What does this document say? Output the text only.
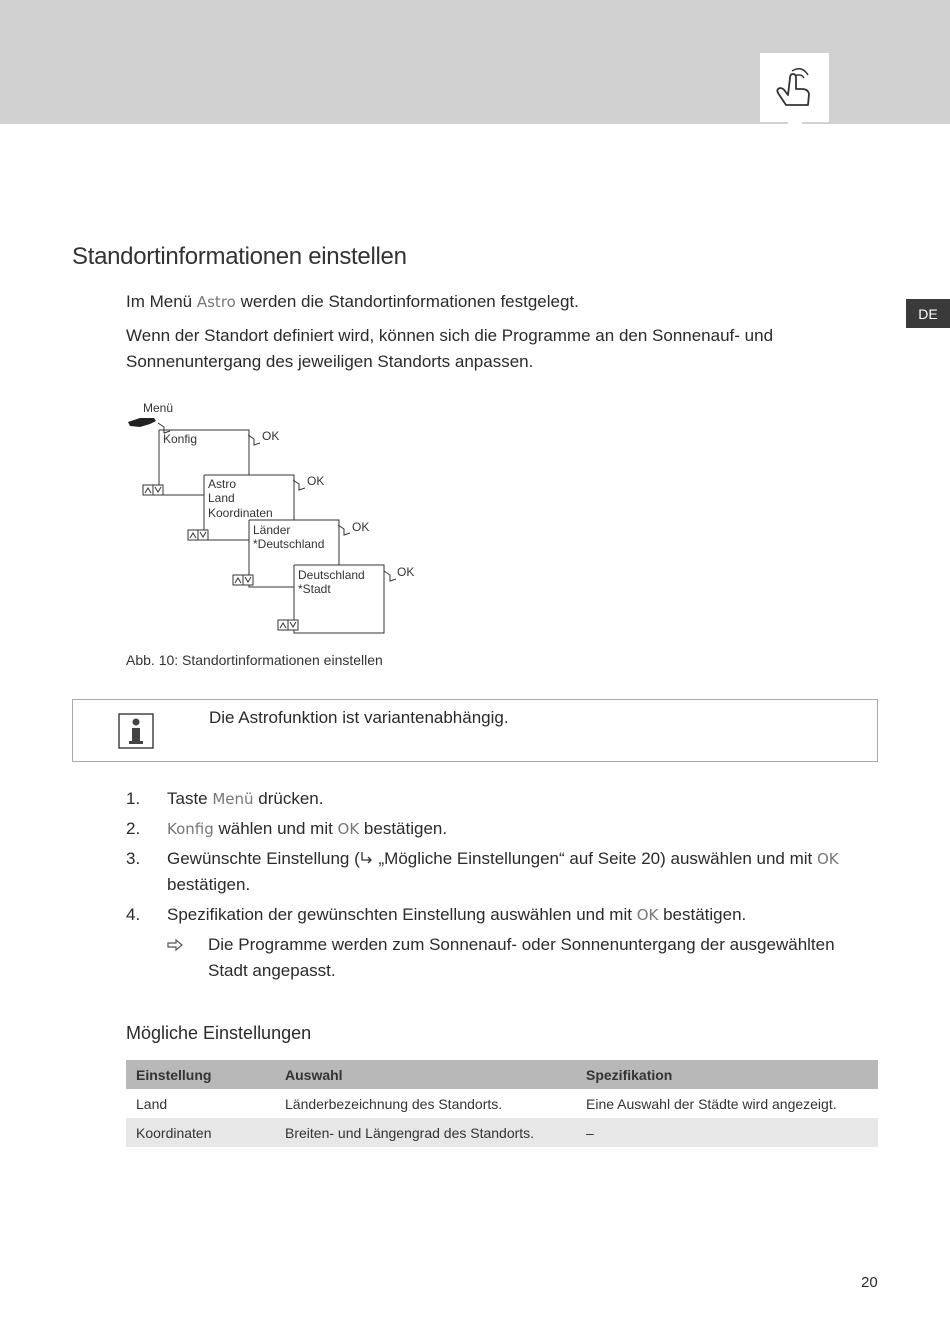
DE
Standortinformationen einstellen
Im Menü Astro werden die Standortinformationen festgelegt.
Wenn der Standort definiert wird, können sich die Programme an den Sonnenauf- und Sonnenuntergang des jeweiligen Standorts anpassen.
Menü
OK
OK
OK
OK
Konfig
Astro
Land
Koordinaten
Länder
*Deutschland
Deutschland
*Stadt
Abb. 10: Standortinformationen einstellen
Die Astrofunktion ist variantenabhängig.
1. Taste Menü drücken.
2. Konfig wählen und mit OK bestätigen.
3. Gewünschte Einstellung ( „Mögliche Einstellungen“ auf Seite 20) auswählen und mit OK bestätigen.
4. Spezifikation der gewünschten Einstellung auswählen und mit OK bestätigen.
Die Programme werden zum Sonnenauf- oder Sonnenuntergang der ausgewählten Stadt angepasst.
Mögliche Einstellungen
Einstellung	Auswahl	Spezifikation
Land	Länderbezeichnung des Standorts.	Eine Auswahl der Städte wird angezeigt.
Koordinaten	Breiten- und Längengrad des Standorts.	–
20
